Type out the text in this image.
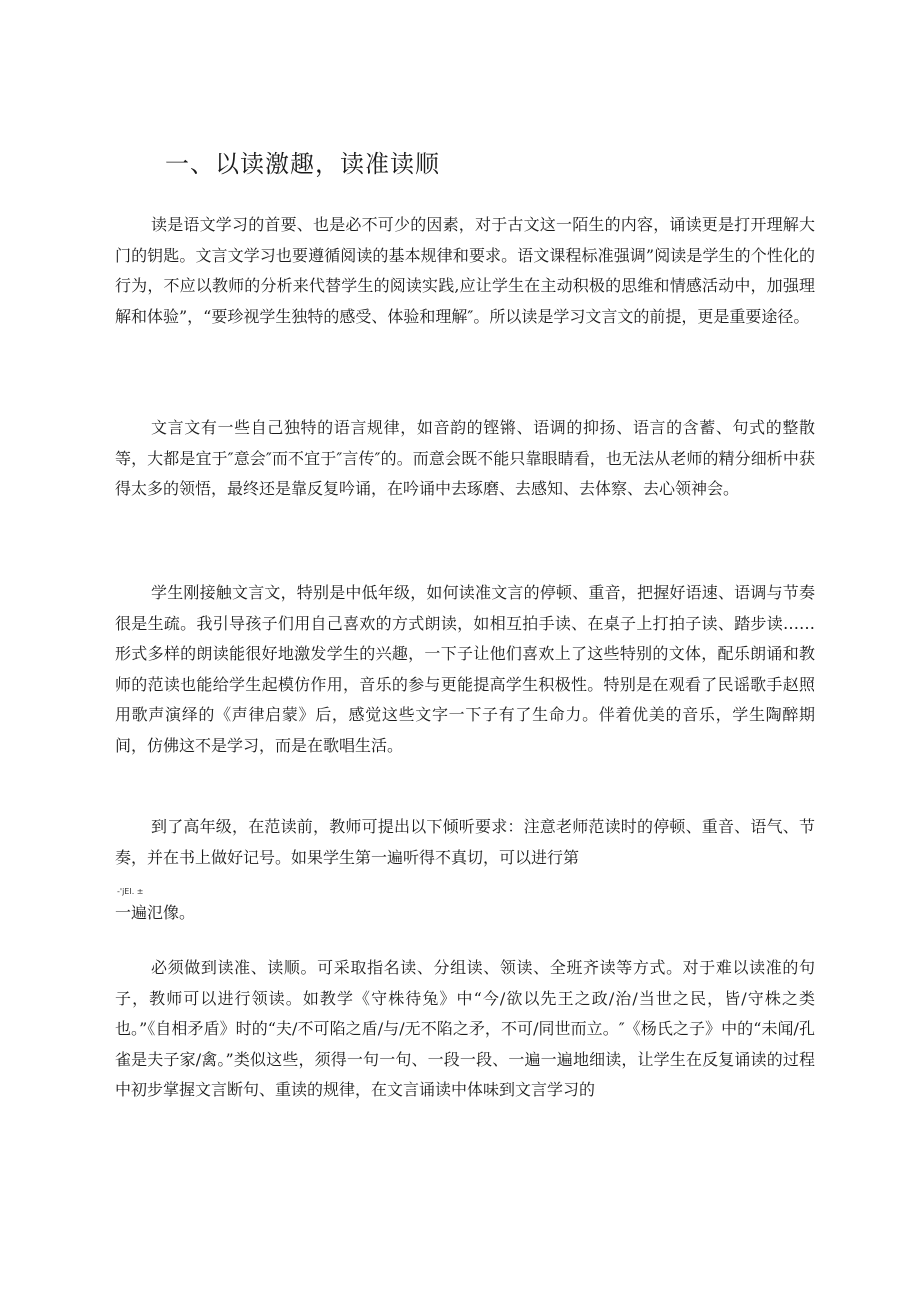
一、以读激趣，读准读顺

读是语文学习的首要、也是必不可少的因素，对于古文这一陌生的内容，诵读更是打开理解大门的钥匙。文言文学习也要遵循阅读的基本规律和要求。语文课程标准强调”阅读是学生的个性化的行为，不应以教师的分析来代替学生的阅读实践,应让学生在主动积极的思维和情感活动中，加强理解和体验”，“要珍视学生独特的感受、体验和理解″。所以读是学习文言文的前提，更是重要途径。

文言文有一些自己独特的语言规律，如音韵的铿锵、语调的抑扬、语言的含蓄、句式的整散等，大都是宜于″意会″而不宜于″言传″的。而意会既不能只靠眼睛看，也无法从老师的精分细析中获得太多的领悟，最终还是靠反复吟诵，在吟诵中去琢磨、去感知、去体察、去心领神会。

学生刚接触文言文，特别是中低年级，如何读准文言的停顿、重音，把握好语速、语调与节奏很是生疏。我引导孩子们用自己喜欢的方式朗读，如相互拍手读、在桌子上打拍子读、踏步读……形式多样的朗读能很好地激发学生的兴趣，一下子让他们喜欢上了这些特别的文体，配乐朗诵和教师的范读也能给学生起模仿作用，音乐的参与更能提高学生积极性。特别是在观看了民谣歌手赵照用歌声演绎的《声律启蒙》后，感觉这些文字一下子有了生命力。伴着优美的音乐，学生陶醉期间，仿佛这不是学习，而是在歌唱生活。

到了高年级，在范读前，教师可提出以下倾听要求：注意老师范读时的停顿、重音、语气、节奏，并在书上做好记号。如果学生第一遍听得不真切，可以进行第

-'jEI. ±

一遍氾像。

必须做到读准、读顺。可采取指名读、分组读、领读、全班齐读等方式。对于难以读准的句子，教师可以进行领读。如教学《守株待兔》中“今/欲以先王之政/治/当世之民，皆/守株之类也。”《自相矛盾》时的“夫/不可陷之盾/与/无不陷之矛，不可/同世而立。″《杨氏之子》中的“未闻/孔雀是夫子家/禽。”类似这些，须得一句一句、一段一段、一遍一遍地细读，让学生在反复诵读的过程中初步掌握文言断句、重读的规律，在文言诵读中体味到文言学习的
